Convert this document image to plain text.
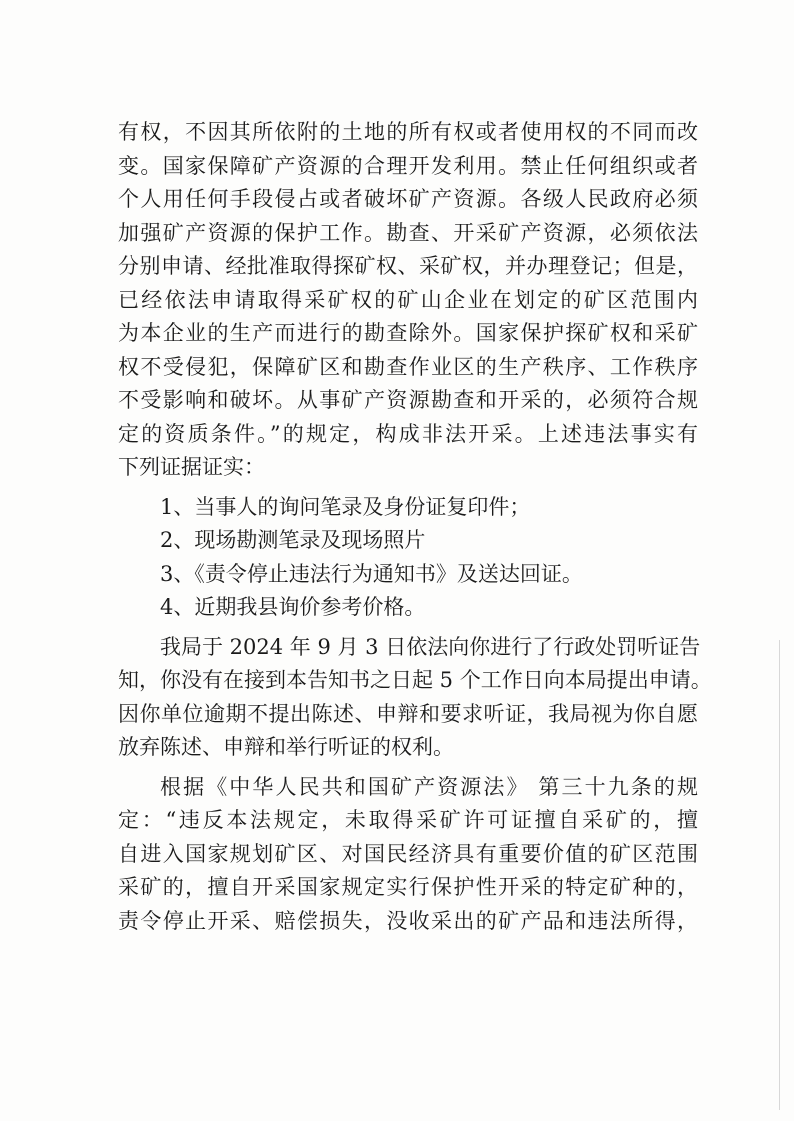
有权，不因其所依附的土地的所有权或者使用权的不同而改
变。国家保障矿产资源的合理开发利用。禁止任何组织或者
个人用任何手段侵占或者破坏矿产资源。各级人民政府必须
加强矿产资源的保护工作。勘查、开采矿产资源，必须依法
分别申请、经批准取得探矿权、采矿权，并办理登记；但是，
已经依法申请取得采矿权的矿山企业在划定的矿区范围内
为本企业的生产而进行的勘查除外。国家保护探矿权和采矿
权不受侵犯，保障矿区和勘查作业区的生产秩序、工作秩序
不受影响和破坏。从事矿产资源勘查和开采的，必须符合规
定的资质条件。”的规定，构成非法开采。上述违法事实有
下列证据证实：
1、当事人的询问笔录及身份证复印件；
2、现场勘测笔录及现场照片
3、《责令停止违法行为通知书》及送达回证。
4、近期我县询价参考价格。
我局于 2024 年 9 月 3 日依法向你进行了行政处罚听证告
知，你没有在接到本告知书之日起 5 个工作日向本局提出申请。
因你单位逾期不提出陈述、申辩和要求听证，我局视为你自愿
放弃陈述、申辩和举行听证的权利。
根据《中华人民共和国矿产资源法》 第三十九条的规
定：“违反本法规定，未取得采矿许可证擅自采矿的，擅
自进入国家规划矿区、对国民经济具有重要价值的矿区范围
采矿的，擅自开采国家规定实行保护性开采的特定矿种的，
责令停止开采、赔偿损失，没收采出的矿产品和违法所得，
